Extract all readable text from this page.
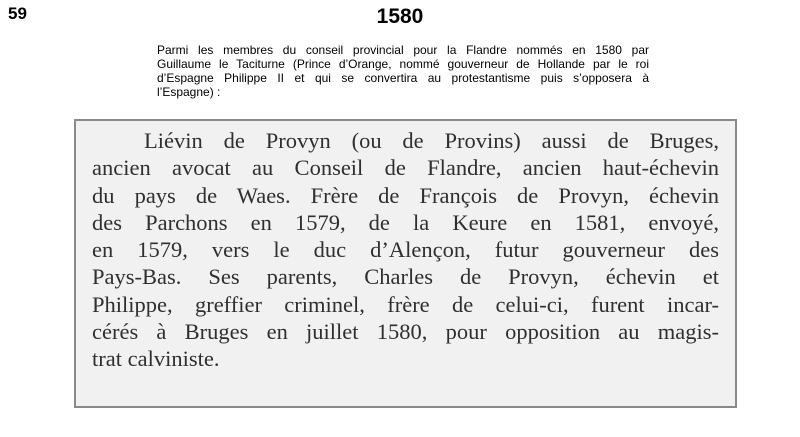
59	1580
Parmi les membres du conseil provincial pour la Flandre nommés en 1580 par
Guillaume le Taciturne (Prince d’Orange, nommé gouverneur de Hollande par le roi
d’Espagne Philippe II et qui se convertira au protestantisme puis s’opposera à
l’Espagne) :
Liévin de Provyn (ou de Provins) aussi de Bruges,
ancien avocat au Conseil de Flandre, ancien haut-échevin
du pays de Waes. Frère de François de Provyn, échevin
des Parchons en 1579, de la Keure en 1581, envoyé,
en 1579, vers le duc d’Alençon, futur gouverneur des
Pays-Bas. Ses parents, Charles de Provyn, échevin et
Philippe, greffier criminel, frère de celui-ci, furent incar-
cérés à Bruges en juillet 1580, pour opposition au magis-
trat calviniste.
